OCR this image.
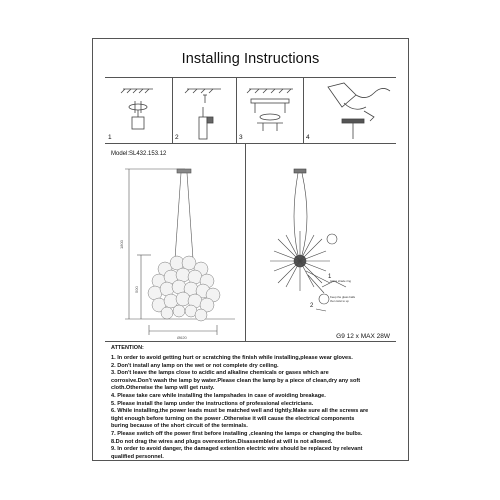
Installing Instructions
1	2	3	4
Model:SL432.153.12
1800
500
Ø620
Glass shade ring
Keep the glass balls
then twist to up
1
2
G9 12 x MAX 28W
ATTENTION:
1. In order to avoid getting hurt or scratching the finish while installing,please wear gloves.
2. Don't install any lamp on the wet or not complete dry ceiling.
3. Don't leave the lamps close to acidic and alkaline chemicals or gases which are
corrosive.Don't wash the lamp by water.Please clean the lamp by a piece of clean,dry any soft
cloth.Otherwise the lamp will get rusty.
4. Please take care while installing the lampshades in case of avoiding breakage.
5. Please install the lamp under the instructions of professional electricians.
6. While installing,the power leads must be matched well and tightly.Make sure all the screws are
tight enough before turning on the power .Otherwise it will cause the electrical components
buring because of the short circuit of the terminals.
7. Please switch off the power first before installing ,cleaning the lamps or changing the bulbs.
8.Do not drag the wires and plugs overexertion.Disassembled at will is not allowed.
9. In order to avoid danger, the damaged extention electric wire should be replaced by relevant
qualified personnel.
